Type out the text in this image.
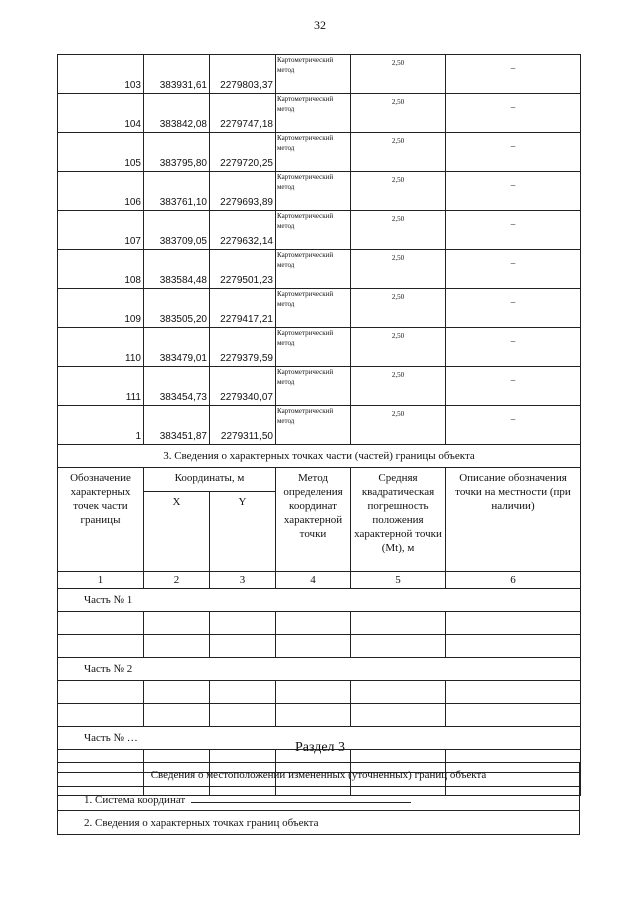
32
103	383931,61	2279803,37	Картометрический метод	2,50	–
104	383842,08	2279747,18	Картометрический метод	2,50	–
105	383795,80	2279720,25	Картометрический метод	2,50	–
106	383761,10	2279693,89	Картометрический метод	2,50	–
107	383709,05	2279632,14	Картометрический метод	2,50	–
108	383584,48	2279501,23	Картометрический метод	2,50	–
109	383505,20	2279417,21	Картометрический метод	2,50	–
110	383479,01	2279379,59	Картометрический метод	2,50	–
111	383454,73	2279340,07	Картометрический метод	2,50	–
1	383451,87	2279311,50	Картометрический метод	2,50	–
3. Сведения о характерных точках части (частей) границы объекта					
Обозначение характерных точек части границы	Координаты, м		Метод определения координат характерной точки	Средняя квадратическая погрешность положения характерной точки (Mt), м	Описание обозначения точки на местности (при наличии)
	X	Y			
1	2	3	4	5	6
Часть № 1					

Часть № 2					

Часть № …					

Раздел 3
Сведения о местоположении измененных (уточненных) границ объекта
1. Система координат
2. Сведения о характерных точках границ объекта
